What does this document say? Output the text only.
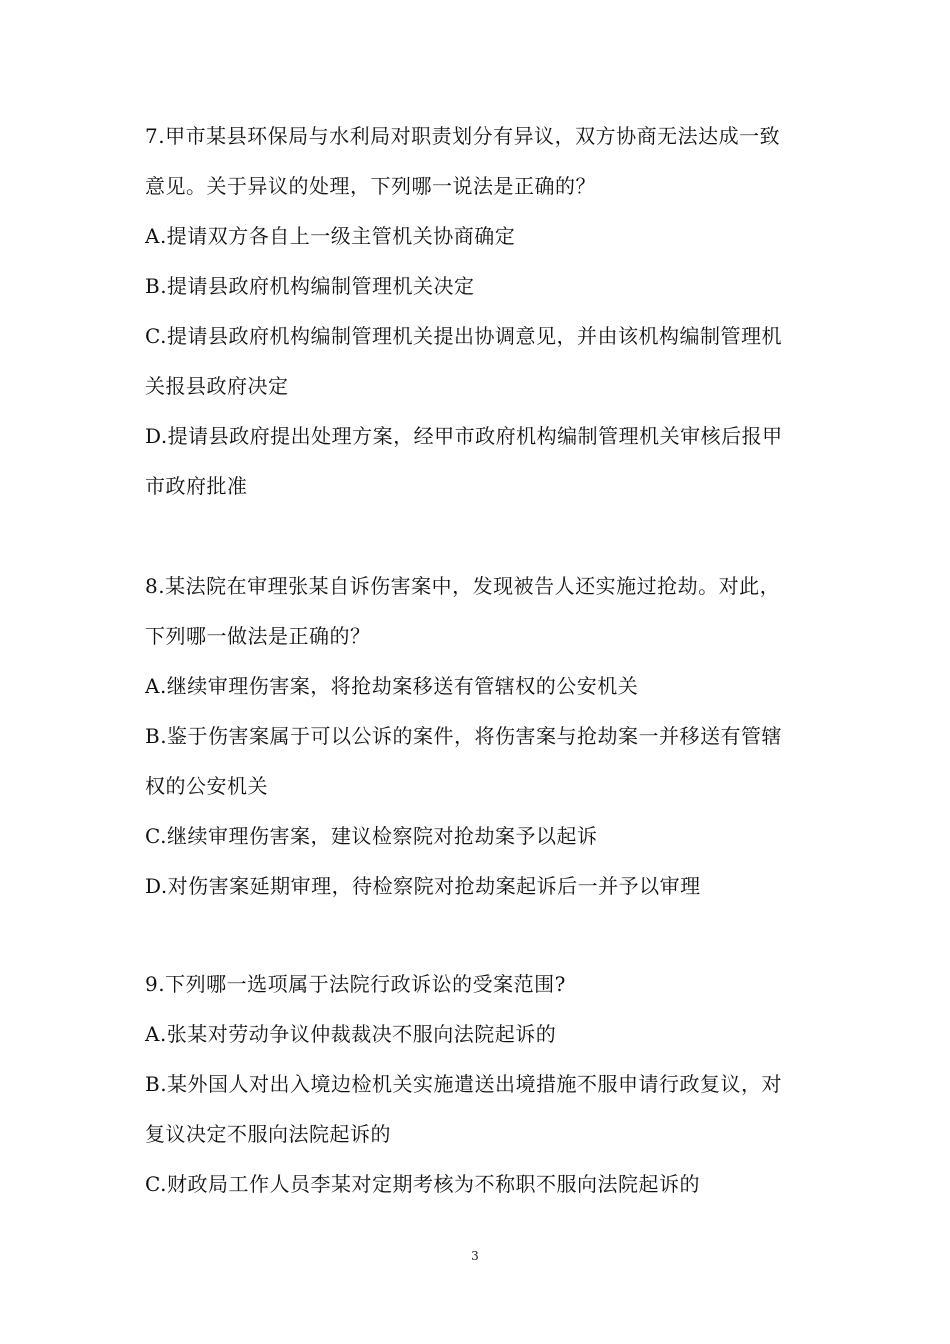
7.甲市某县环保局与水利局对职责划分有异议，双方协商无法达成一致
意见。关于异议的处理，下列哪一说法是正确的？
A.提请双方各自上一级主管机关协商确定
B.提请县政府机构编制管理机关决定
C.提请县政府机构编制管理机关提出协调意见，并由该机构编制管理机
关报县政府决定
D.提请县政府提出处理方案，经甲市政府机构编制管理机关审核后报甲
市政府批准
8.某法院在审理张某自诉伤害案中，发现被告人还实施过抢劫。对此，
下列哪一做法是正确的？
A.继续审理伤害案，将抢劫案移送有管辖权的公安机关
B.鉴于伤害案属于可以公诉的案件，将伤害案与抢劫案一并移送有管辖
权的公安机关
C.继续审理伤害案，建议检察院对抢劫案予以起诉
D.对伤害案延期审理，待检察院对抢劫案起诉后一并予以审理
9.下列哪一选项属于法院行政诉讼的受案范围?
A.张某对劳动争议仲裁裁决不服向法院起诉的
B.某外国人对出入境边检机关实施遣送出境措施不服申请行政复议，对
复议决定不服向法院起诉的
C.财政局工作人员李某对定期考核为不称职不服向法院起诉的
3
